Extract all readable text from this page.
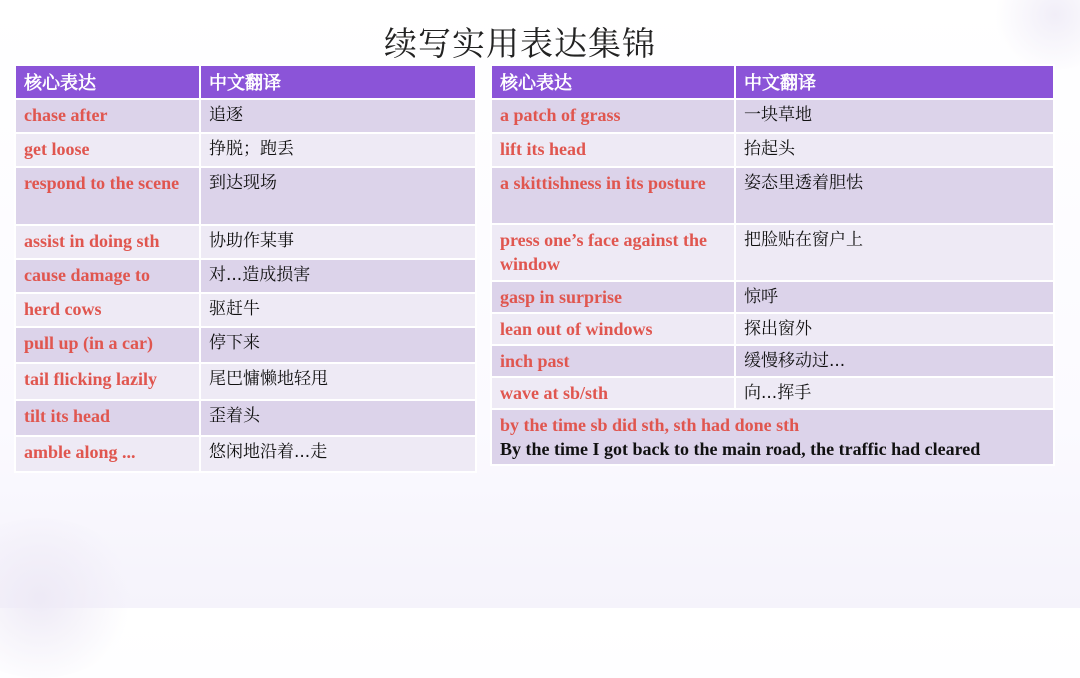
续写实用表达集锦
核心表达	中文翻译
chase after	追逐
get loose	挣脱；跑丢
respond to the scene	到达现场
assist in doing sth	协助作某事
cause damage to	对...造成损害
herd cows	驱赶牛
pull up (in a car)	停下来
tail flicking lazily	尾巴慵懒地轻甩
tilt its head	歪着头
amble along ...	悠闲地沿着...走
核心表达	中文翻译
a patch of grass	一块草地
lift its head	抬起头
a skittishness in its posture	姿态里透着胆怯
press one’s face against the window	把脸贴在窗户上
gasp in surprise	惊呼
lean out of windows	探出窗外
inch past	缓慢移动过...
wave at sb/sth	向...挥手

by the time sb did sth, sth had done sth
By the time I got back to the main road, the traffic had cleared	
